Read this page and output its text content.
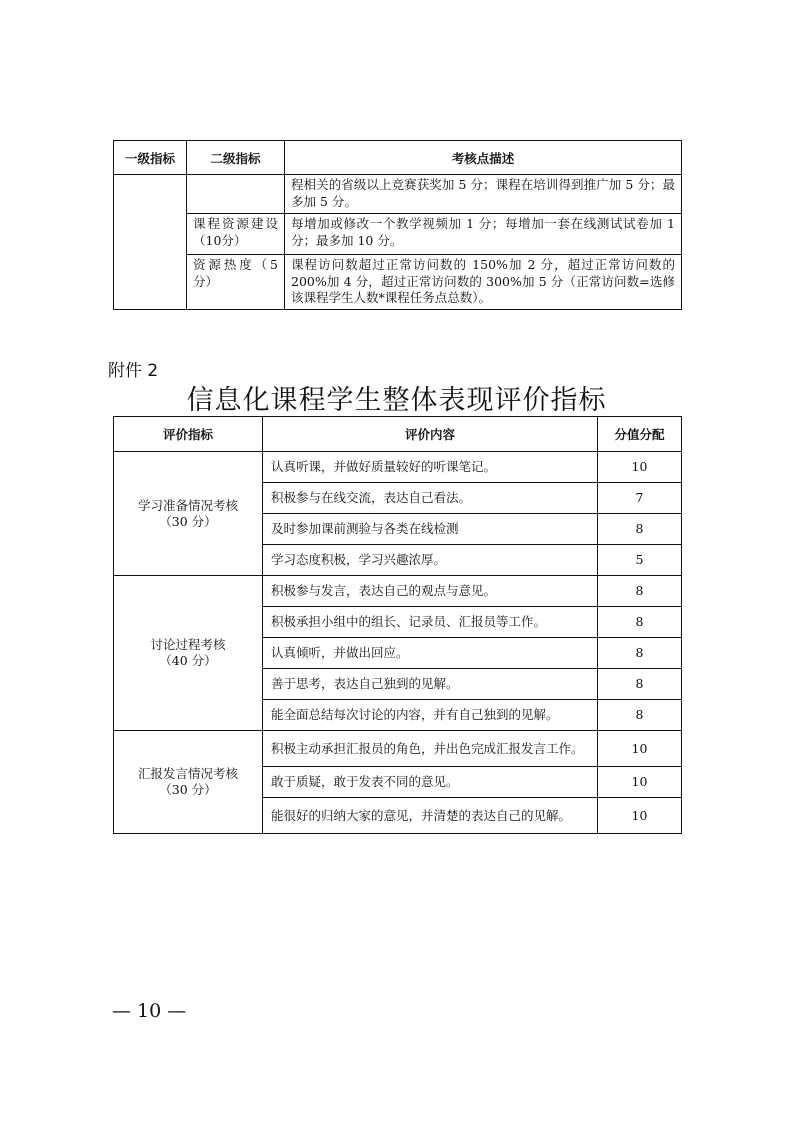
一级指标	二级指标	考核点描述
		程相关的省级以上竞赛获奖加 5 分；课程在培训得到推广加 5 分；最多加 5 分。
	课程资源建设（10分）	每增加或修改一个教学视频加 1 分；每增加一套在线测试试卷加 1 分；最多加 10 分。
	资源热度（5分）	课程访问数超过正常访问数的 150%加 2 分，超过正常访问数的 200%加 4 分，超过正常访问数的 300%加 5 分（正常访问数=选修该课程学生人数*课程任务点总数）。
附件 2
信息化课程学生整体表现评价指标
评价指标	评价内容	分值分配

学习准备情况考核
（30 分）	认真听课，并做好质量较好的听课笔记。	10
	积极参与在线交流，表达自己看法。	7
	及时参加课前测验与各类在线检测	8
	学习态度积极，学习兴趣浓厚。	5

讨论过程考核
（40 分）	积极参与发言，表达自己的观点与意见。	8
	积极承担小组中的组长、记录员、汇报员等工作。	8
	认真倾听，并做出回应。	8
	善于思考，表达自己独到的见解。	8
	能全面总结每次讨论的内容，并有自己独到的见解。	8

汇报发言情况考核
（30 分）	积极主动承担汇报员的角色，并出色完成汇报发言工作。	10
	敢于质疑，敢于发表不同的意见。	10
	能很好的归纳大家的意见，并清楚的表达自己的见解。	10
— 10 —
